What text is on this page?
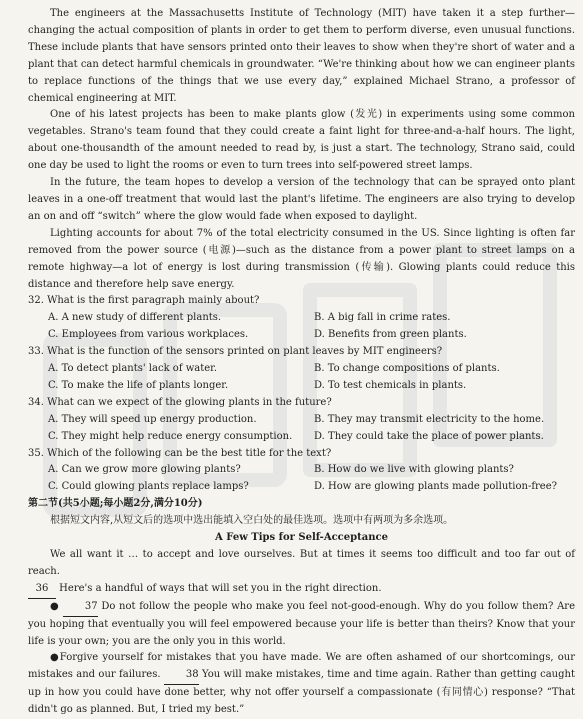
The engineers at the Massachusetts Institute of Technology (MIT) have taken it a step further—changing the actual composition of plants in order to get them to perform diverse, even unusual functions. These include plants that have sensors printed onto their leaves to show when they're short of water and a plant that can detect harmful chemicals in groundwater. “We're thinking about how we can engineer plants to replace functions of the things that we use every day,” explained Michael Strano, a professor of chemical engineering at MIT.

One of his latest projects has been to make plants glow (发光) in experiments using some common vegetables. Strano's team found that they could create a faint light for three-and-a-half hours. The light, about one-thousandth of the amount needed to read by, is just a start. The technology, Strano said, could one day be used to light the rooms or even to turn trees into self-powered street lamps.

In the future, the team hopes to develop a version of the technology that can be sprayed onto plant leaves in a one-off treatment that would last the plant's lifetime. The engineers are also trying to develop an on and off “switch” where the glow would fade when exposed to daylight.

Lighting accounts for about 7% of the total electricity consumed in the US. Since lighting is often far removed from the power source (电源)—such as the distance from a power plant to street lamps on a remote highway—a lot of energy is lost during transmission (传输). Glowing plants could reduce this distance and therefore help save energy.

32. What is the first paragraph mainly about?
A. A new study of different plants.	B. A big fall in crime rates.
C. Employees from various workplaces.	D. Benefits from green plants.
33. What is the function of the sensors printed on plant leaves by MIT engineers?
A. To detect plants' lack of water.	B. To change compositions of plants.
C. To make the life of plants longer.	D. To test chemicals in plants.
34. What can we expect of the glowing plants in the future?
A. They will speed up energy production.	B. They may transmit electricity to the home.
C. They might help reduce energy consumption.	D. They could take the place of power plants.
35. Which of the following can be the best title for the text?
A. Can we grow more glowing plants?	B. How do we live with glowing plants?
C. Could glowing plants replace lamps?	D. How are glowing plants made pollution-free?

第二节(共5小题;每小题2分,满分10分)

根据短文内容,从短文后的选项中选出能填入空白处的最佳选项。选项中有两项为多余选项。

A Few Tips for Self-Acceptance

We all want it … to accept and love ourselves. But at times it seems too difficult and too far out of reach.

36 Here's a handful of ways that will set you in the right direction.

●	37 Do not follow the people who make you feel not-good-enough. Why do you follow them? Are you hoping that eventually you will feel empowered because your life is better than theirs? Know that your life is your own; you are the only you in this world.

●Forgive yourself for mistakes that you have made. We are often ashamed of our shortcomings, our mistakes and our failures.	38 You will make mistakes, time and time again. Rather than getting caught up in how you could have done better, why not offer yourself a compassionate (有同情心) response? “That didn't go as planned. But, I tried my best.”
